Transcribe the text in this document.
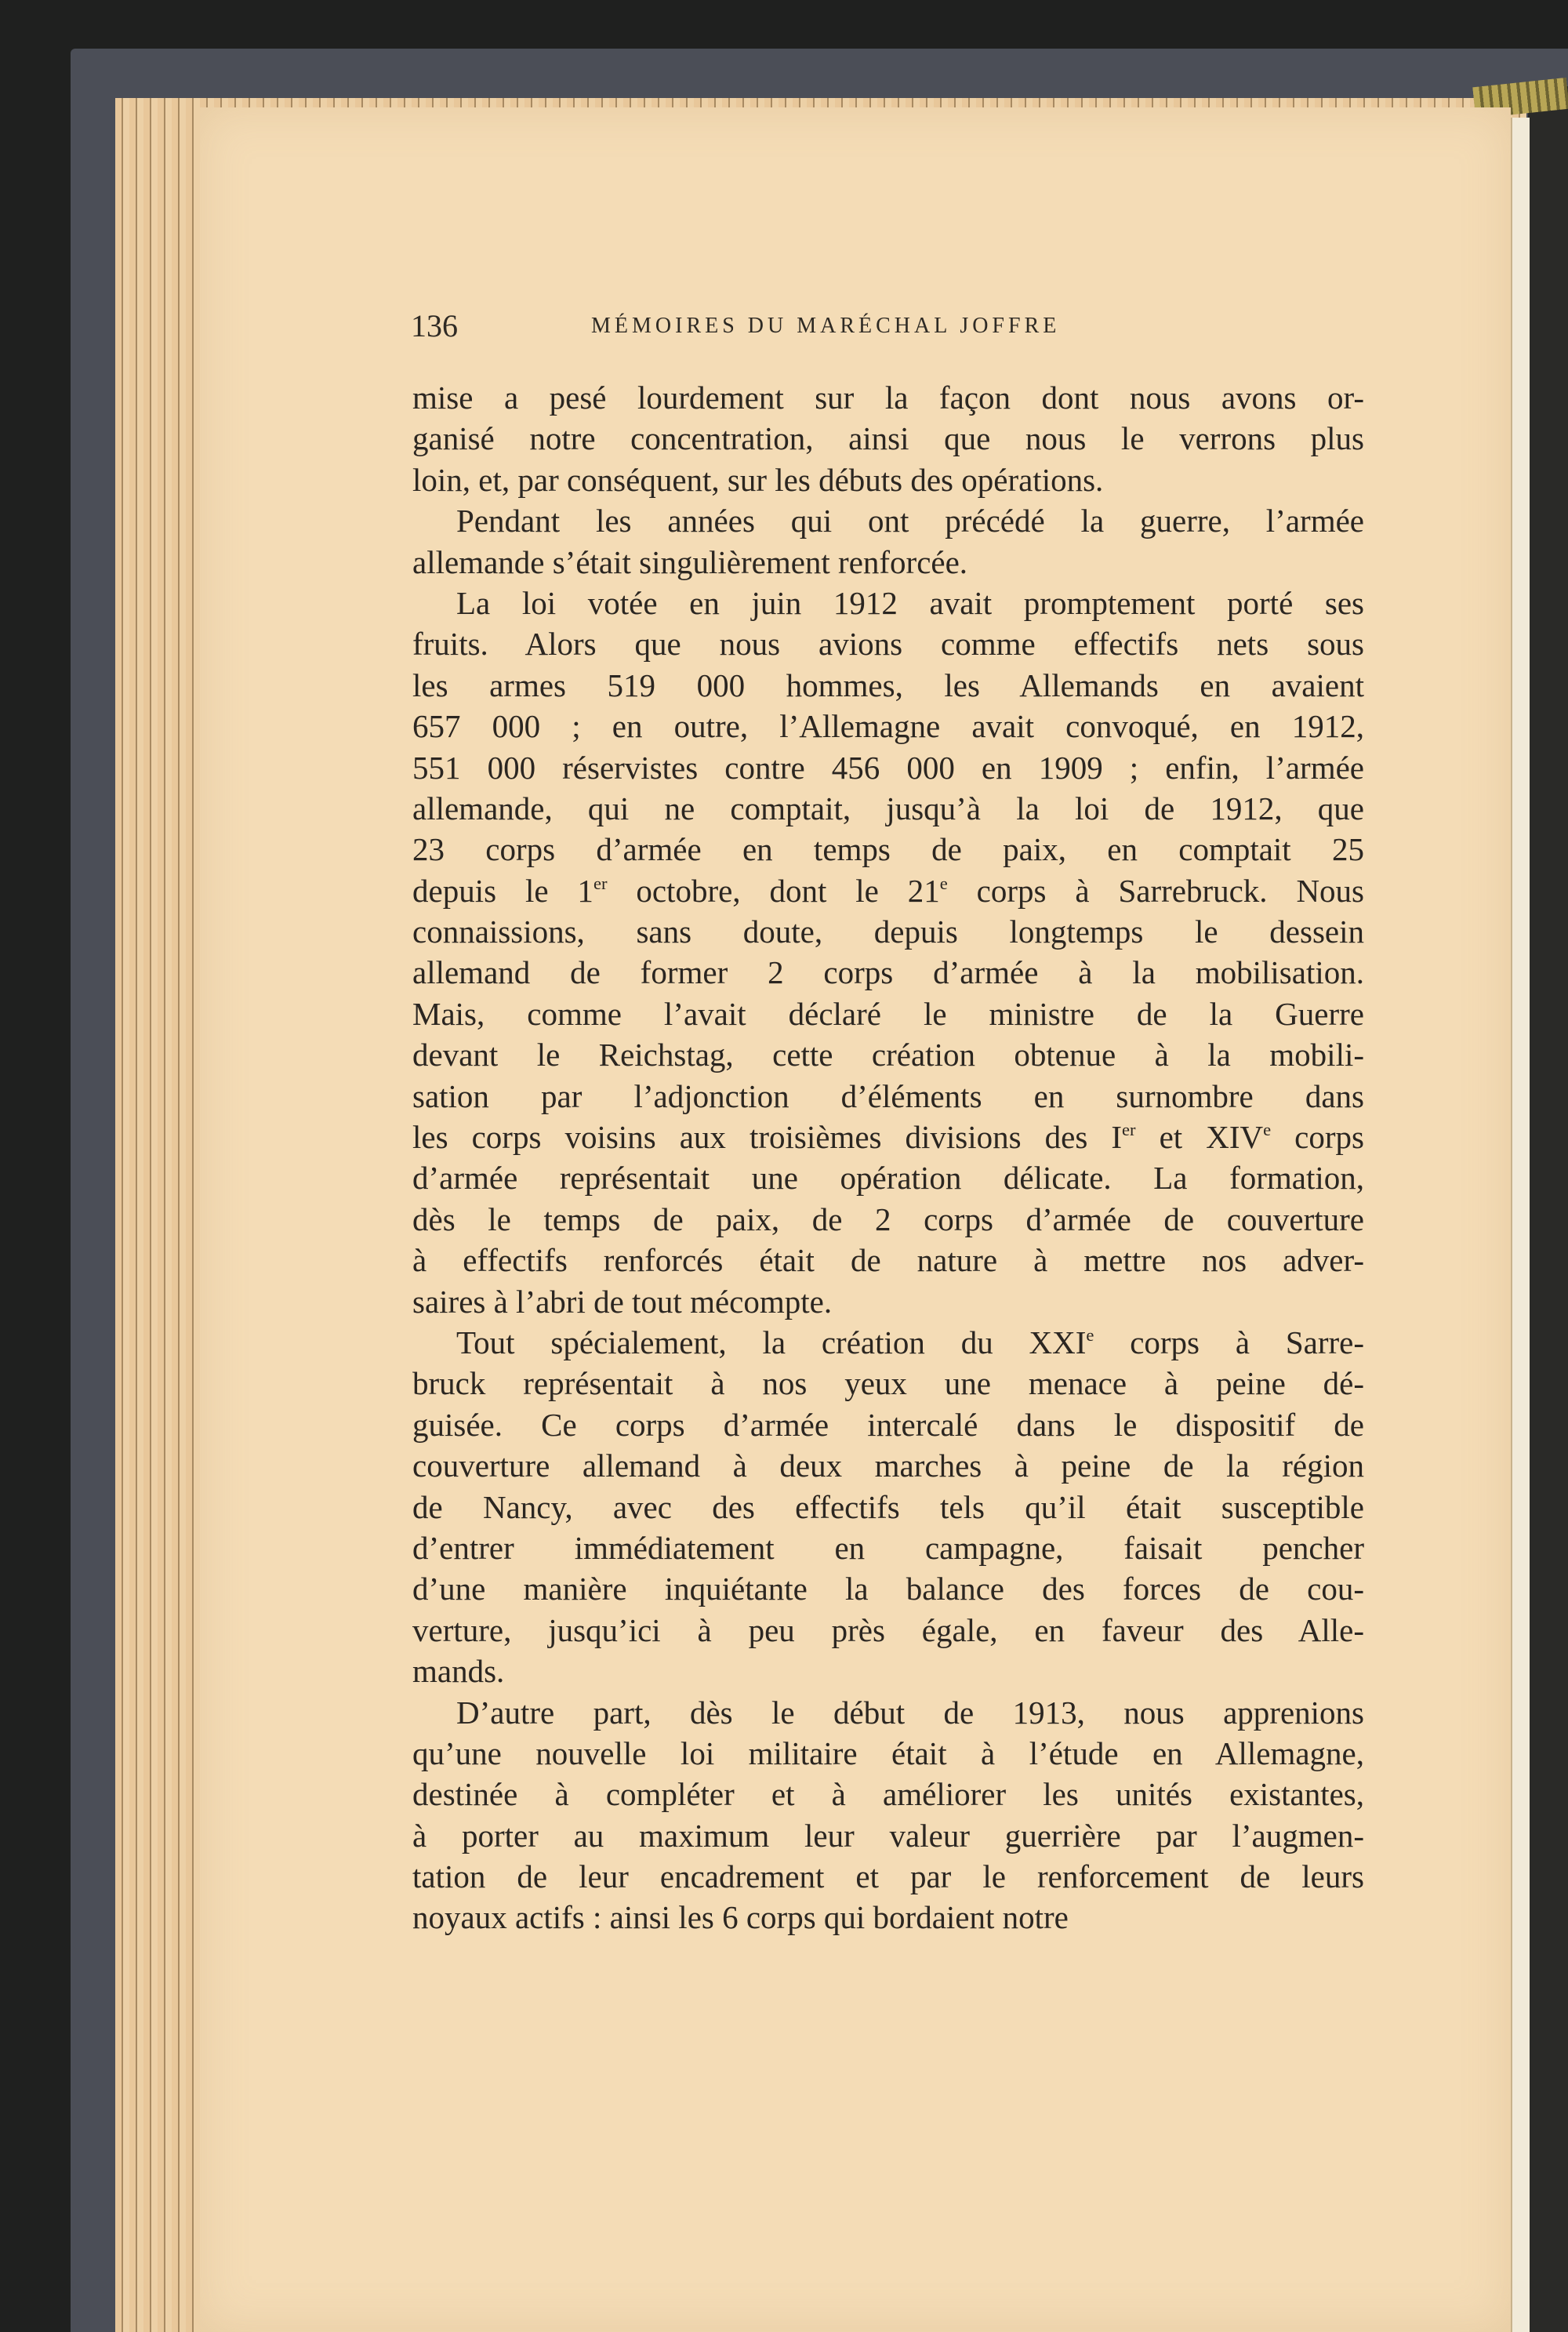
136	MÉMOIRES DU MARÉCHAL JOFFRE
mise a pesé lourdement sur la façon dont nous avons or-
ganisé notre concentration, ainsi que nous le verrons plus
loin, et, par conséquent, sur les débuts des opérations.
Pendant les années qui ont précédé la guerre, l’armée
allemande s’était singulièrement renforcée.
La loi votée en juin 1912 avait promptement porté ses
fruits. Alors que nous avions comme effectifs nets sous
les armes 519 000 hommes, les Allemands en avaient
657 000 ; en outre, l’Allemagne avait convoqué, en 1912,
551 000 réservistes contre 456 000 en 1909 ; enfin, l’armée
allemande, qui ne comptait, jusqu’à la loi de 1912, que
23 corps d’armée en temps de paix, en comptait 25
depuis le 1er octobre, dont le 21e corps à Sarrebruck. Nous
connaissions, sans doute, depuis longtemps le dessein
allemand de former 2 corps d’armée à la mobilisation.
Mais, comme l’avait déclaré le ministre de la Guerre
devant le Reichstag, cette création obtenue à la mobili-
sation par l’adjonction d’éléments en surnombre dans
les corps voisins aux troisièmes divisions des Ier et XIVe corps
d’armée représentait une opération délicate. La formation,
dès le temps de paix, de 2 corps d’armée de couverture
à effectifs renforcés était de nature à mettre nos adver-
saires à l’abri de tout mécompte.
Tout spécialement, la création du XXIe corps à Sarre-
bruck représentait à nos yeux une menace à peine dé-
guisée. Ce corps d’armée intercalé dans le dispositif de
couverture allemand à deux marches à peine de la région
de Nancy, avec des effectifs tels qu’il était susceptible
d’entrer immédiatement en campagne, faisait pencher
d’une manière inquiétante la balance des forces de cou-
verture, jusqu’ici à peu près égale, en faveur des Alle-
mands.
D’autre part, dès le début de 1913, nous apprenions
qu’une nouvelle loi militaire était à l’étude en Allemagne,
destinée à compléter et à améliorer les unités existantes,
à porter au maximum leur valeur guerrière par l’augmen-
tation de leur encadrement et par le renforcement de leurs
noyaux actifs : ainsi les 6 corps qui bordaient notre
